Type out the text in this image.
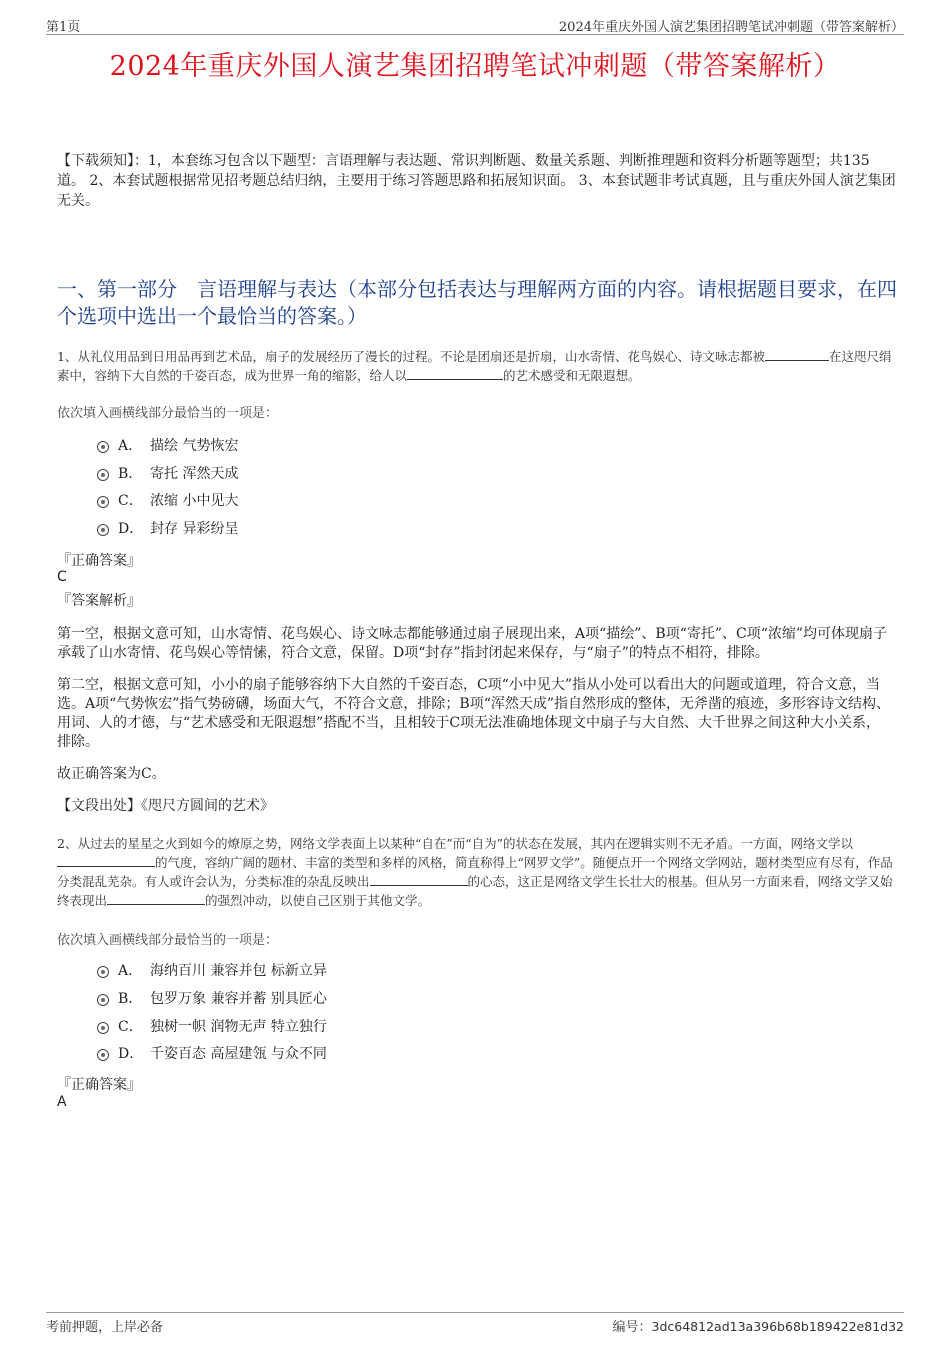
第1页	2024年重庆外国人演艺集团招聘笔试冲刺题（带答案解析）
2024年重庆外国人演艺集团招聘笔试冲刺题（带答案解析）
【下载须知】：1，本套练习包含以下题型：言语理解与表达题、常识判断题、数量关系题、判断推理题和资料分析题等题型；共135道。 2、本套试题根据常见招考题总结归纳，主要用于练习答题思路和拓展知识面。 3、本套试题非考试真题，且与重庆外国人演艺集团无关。
一、第一部分　言语理解与表达（本部分包括表达与理解两方面的内容。请根据题目要求，在四个选项中选出一个最恰当的答案。）
1、从礼仪用品到日用品再到艺术品，扇子的发展经历了漫长的过程。不论是团扇还是折扇，山水寄情、花鸟娱心、诗文咏志都被	在这咫尺绢素中，容纳下大自然的千姿百态，成为世界一角的缩影，给人以	的艺术感受和无限遐想。
依次填入画横线部分最恰当的一项是：
A． 描绘 气势恢宏
B． 寄托 浑然天成
C． 浓缩 小中见大
D． 封存 异彩纷呈
『正确答案』
C
『答案解析』
第一空，根据文意可知，山水寄情、花鸟娱心、诗文咏志都能够通过扇子展现出来，A项“描绘”、B项“寄托”、C项“浓缩”均可体现扇子承载了山水寄情、花鸟娱心等情愫，符合文意，保留。D项“封存”指封闭起来保存，与“扇子”的特点不相符，排除。
第二空，根据文意可知，小小的扇子能够容纳下大自然的千姿百态，C项“小中见大”指从小处可以看出大的问题或道理，符合文意，当选。A项“气势恢宏”指气势磅礴，场面大气，不符合文意，排除；B项“浑然天成”指自然形成的整体，无斧凿的痕迹，多形容诗文结构、用词、人的才德，与“艺术感受和无限遐想”搭配不当，且相较于C项无法准确地体现文中扇子与大自然、大千世界之间这种大小关系，排除。
故正确答案为C。
【文段出处】《咫尺方圆间的艺术》
2、从过去的星星之火到如今的燎原之势，网络文学表面上以某种“自在”而“自为”的状态在发展，其内在逻辑实则不无矛盾。一方面，网络文学以的气度，容纳广阔的题材、丰富的类型和多样的风格，简直称得上“网罗文学”。随便点开一个网络文学网站，题材类型应有尽有，作品分类混乱芜杂。有人或许会认为，分类标准的杂乱反映出	的心态，这正是网络文学生长壮大的根基。但从另一方面来看，网络文学又始终表现出	的强烈冲动，以使自己区别于其他文学。
依次填入画横线部分最恰当的一项是：
A． 海纳百川 兼容并包 标新立异
B． 包罗万象 兼容并蓄 别具匠心
C． 独树一帜 润物无声 特立独行
D． 千姿百态 高屋建瓴 与众不同
『正确答案』
A
考前押题，上岸必备	编号：3dc64812ad13a396b68b189422e81d32
